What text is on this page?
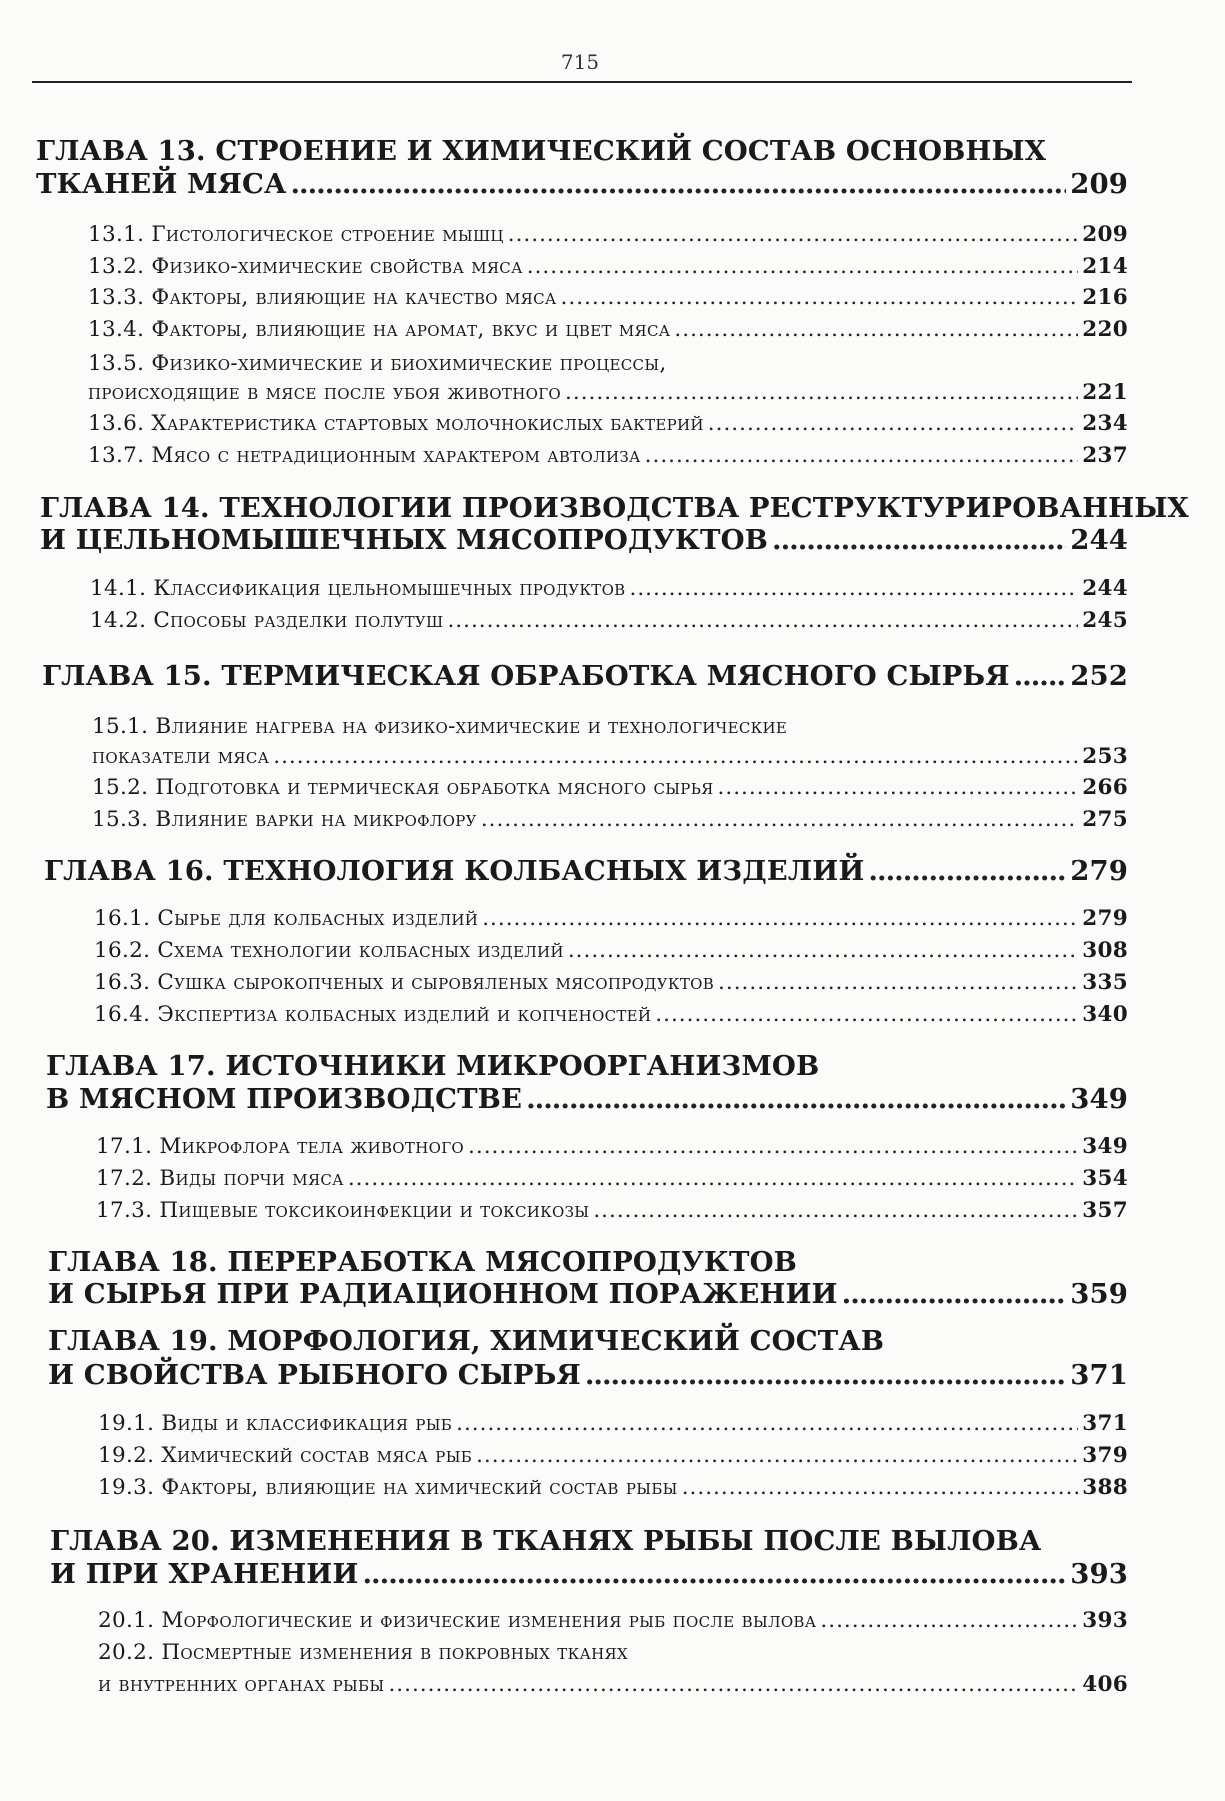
715
ГЛАВА 13. СТРОЕНИЕ И ХИМИЧЕСКИЙ СОСТАВ ОСНОВНЫХ
ТКАНЕЙ МЯСА .....	209
13.1. Гистологическое строение мышц .....	209
13.2. Физико-химические свойства мяса .....	214
13.3. Факторы, влияющие на качество мяса .....	216
13.4. Факторы, влияющие на аромат, вкус и цвет мяса .....	220
13.5. Физико-химические и биохимические процессы,
происходящие в мясе после убоя животного .....	221
13.6. Характеристика стартовых молочнокислых бактерий .....	234
13.7. Мясо с нетрадиционным характером автолиза .....	237
ГЛАВА 14. ТЕХНОЛОГИИ ПРОИЗВОДСТВА РЕСТРУКТУРИРОВАННЫХ
И ЦЕЛЬНОМЫШЕЧНЫХ МЯСОПРОДУКТОВ .....	244
14.1. Классификация цельномышечных продуктов .....	244
14.2. Способы разделки полутуш .....	245
ГЛАВА 15. ТЕРМИЧЕСКАЯ ОБРАБОТКА МЯСНОГО СЫРЬЯ ..... 252
15.1. Влияние нагрева на физико-химические и технологические
показатели мяса .....	253
15.2. Подготовка и термическая обработка мясного сырья .....	266
15.3. Влияние варки на микрофлору .....	275
ГЛАВА 16. ТЕХНОЛОГИЯ КОЛБАСНЫХ ИЗДЕЛИЙ .....	279
16.1. Сырье для колбасных изделий .....	279
16.2. Схема технологии колбасных изделий .....	308
16.3. Сушка сырокопченых и сыровяленых мясопродуктов .....	335
16.4. Экспертиза колбасных изделий и копченостей .....	340
ГЛАВА 17. ИСТОЧНИКИ МИКРООРГАНИЗМОВ
В МЯСНОМ ПРОИЗВОДСТВЕ .....	349
17.1. Микрофлора тела животного .....	349
17.2. Виды порчи мяса .....	354
17.3. Пищевые токсикоинфекции и токсикозы .....	357
ГЛАВА 18. ПЕРЕРАБОТКА МЯСОПРОДУКТОВ
И СЫРЬЯ ПРИ РАДИАЦИОННОМ ПОРАЖЕНИИ .....	359
ГЛАВА 19. МОРФОЛОГИЯ, ХИМИЧЕСКИЙ СОСТАВ
И СВОЙСТВА РЫБНОГО СЫРЬЯ .....	371
19.1. Виды и классификация рыб .....	371
19.2. Химический состав мяса рыб .....	379
19.3. Факторы, влияющие на химический состав рыбы .....	388
ГЛАВА 20. ИЗМЕНЕНИЯ В ТКАНЯХ РЫБЫ ПОСЛЕ ВЫЛОВА
И ПРИ ХРАНЕНИИ .....	393
20.1. Морфологические и физические изменения рыб после вылова .....	393
20.2. Посмертные изменения в покровных тканях
и внутренних органах рыбы .....	406
